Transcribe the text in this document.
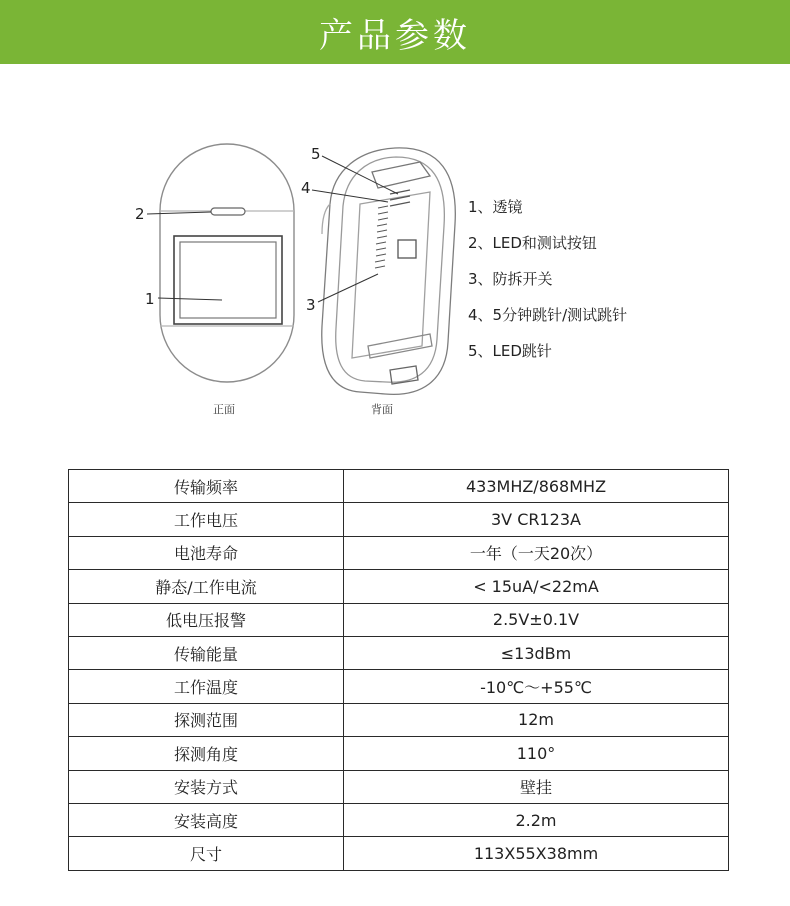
产品参数
2
1
5
4
3
正面	背面
1、透镜
2、LED和测试按钮
3、防拆开关
4、5分钟跳针/测试跳针
5、LED跳针
传输频率	433MHZ/868MHZ
工作电压	3V CR123A
电池寿命	一年（一天20次）
静态/工作电流	< 15uA/<22mA
低电压报警	2.5V±0.1V
传输能量	≤13dBm
工作温度	-10℃～+55℃
探测范围	12m
探测角度	110°
安装方式	壁挂
安装高度	2.2m
尺寸	113X55X38mm
